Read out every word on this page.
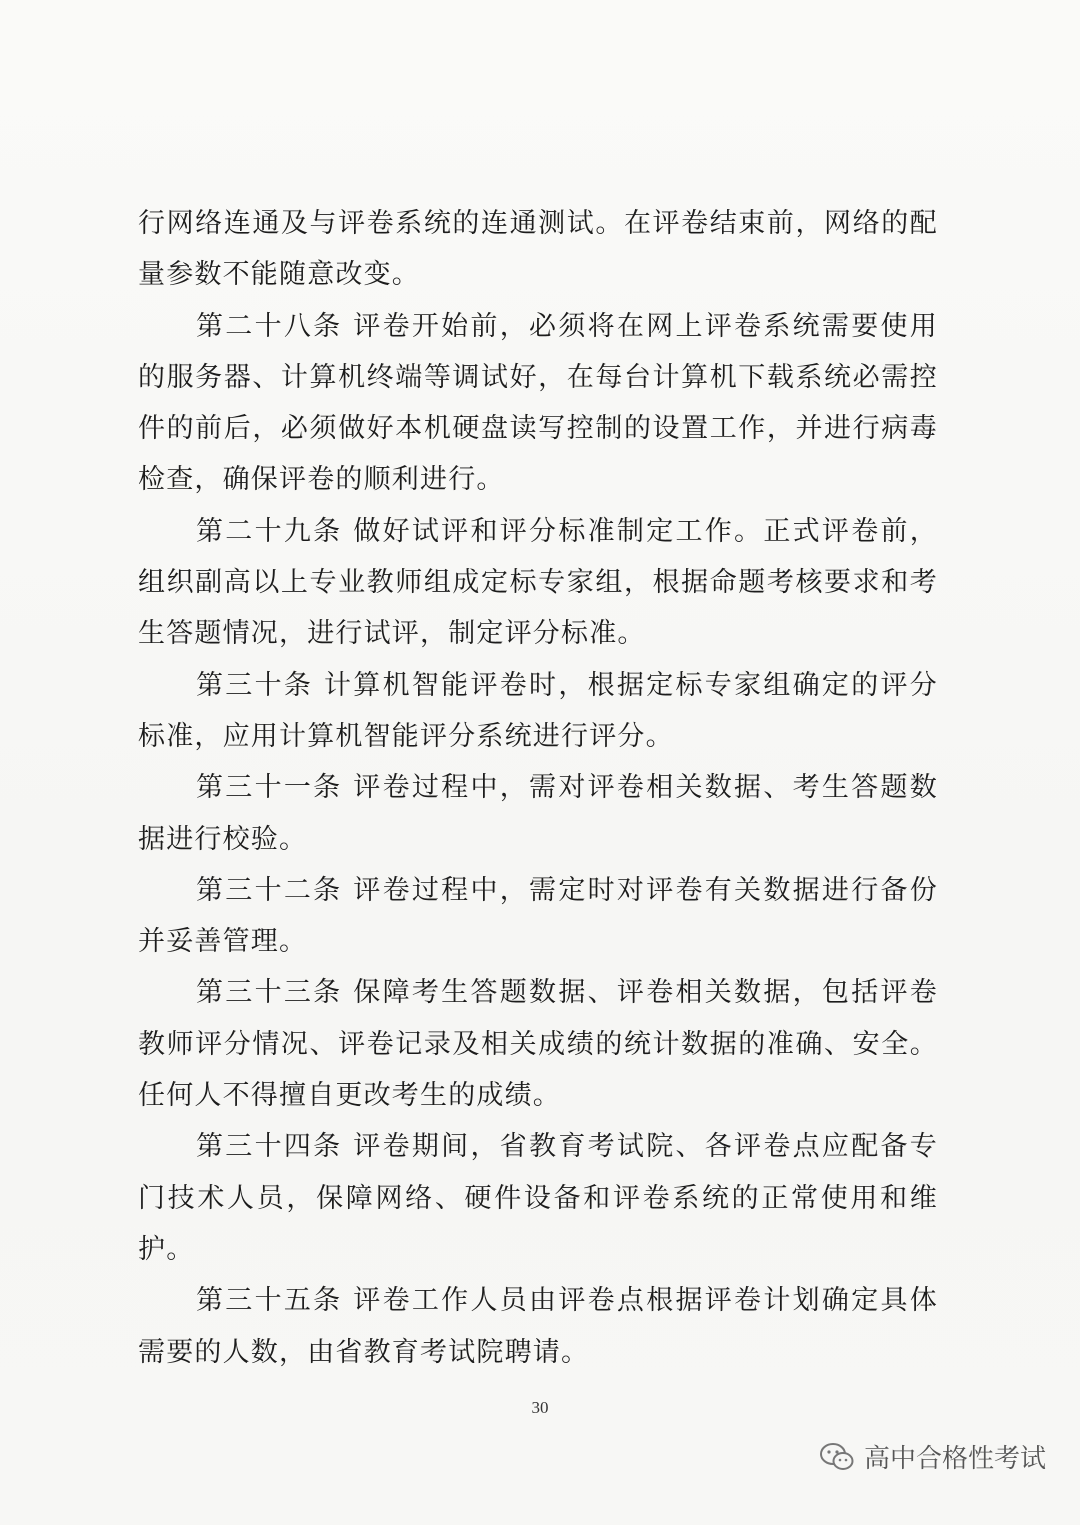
行网络连通及与评卷系统的连通测试。在评卷结束前，网络的配量参数不能随意改变。

第二十八条 评卷开始前，必须将在网上评卷系统需要使用的服务器、计算机终端等调试好，在每台计算机下载系统必需控件的前后，必须做好本机硬盘读写控制的设置工作，并进行病毒检查，确保评卷的顺利进行。

第二十九条 做好试评和评分标准制定工作。正式评卷前，组织副高以上专业教师组成定标专家组，根据命题考核要求和考生答题情况，进行试评，制定评分标准。

第三十条 计算机智能评卷时，根据定标专家组确定的评分标准，应用计算机智能评分系统进行评分。

第三十一条 评卷过程中，需对评卷相关数据、考生答题数据进行校验。

第三十二条 评卷过程中，需定时对评卷有关数据进行备份并妥善管理。

第三十三条 保障考生答题数据、评卷相关数据，包括评卷教师评分情况、评卷记录及相关成绩的统计数据的准确、安全。任何人不得擅自更改考生的成绩。

第三十四条 评卷期间，省教育考试院、各评卷点应配备专门技术人员，保障网络、硬件设备和评卷系统的正常使用和维护。

第三十五条 评卷工作人员由评卷点根据评卷计划确定具体需要的人数，由省教育考试院聘请。

30
高中合格性考试
